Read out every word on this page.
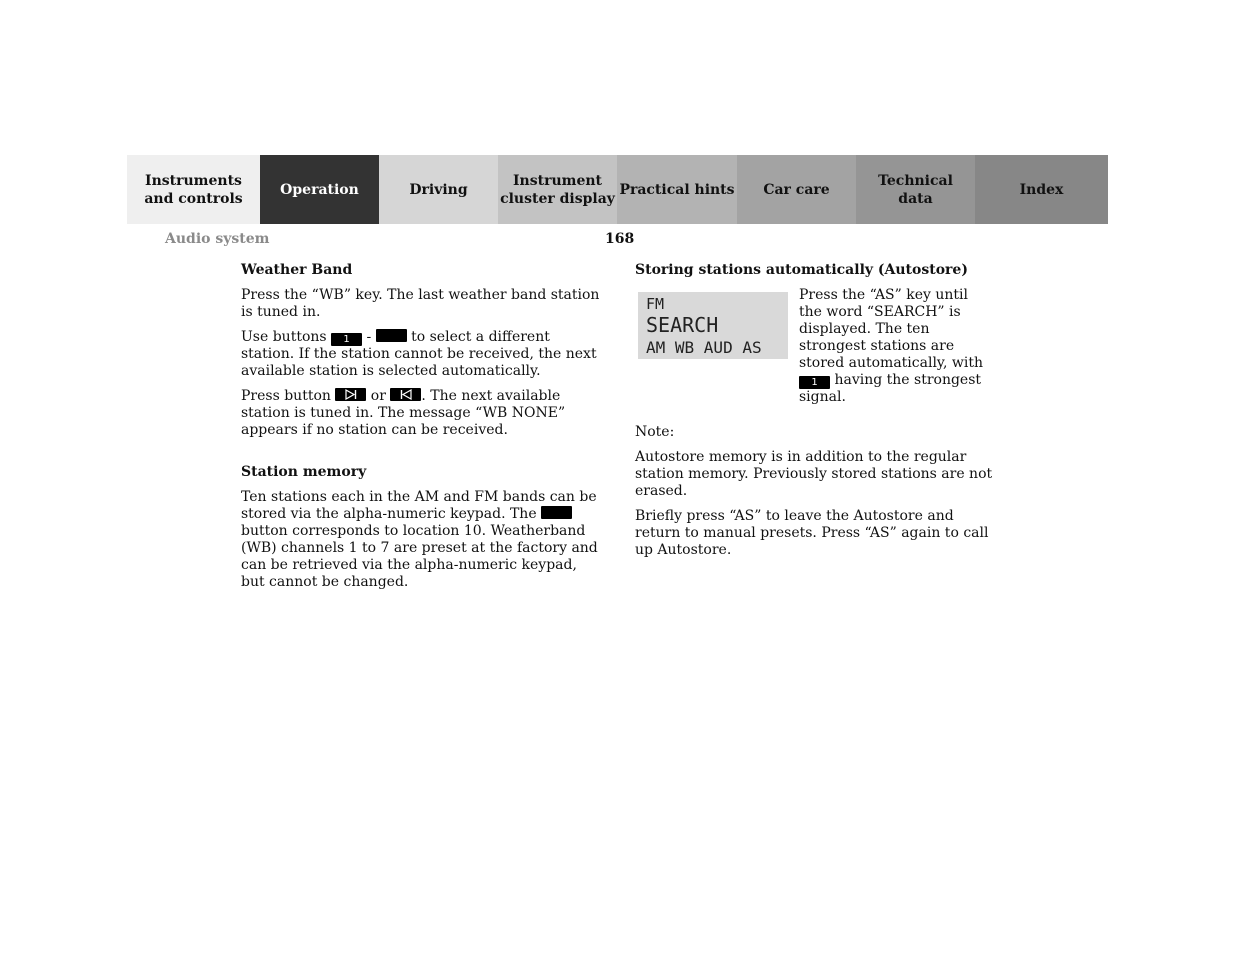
Instruments
and controls
Operation	Driving
Instrument
cluster display
Practical hints Car care
Technical
data
Index
Audio system	168
Weather Band

Press the “WB” key. The last weather band station is tuned in.

Use buttons 1 -  to select a different station. If the station cannot be received, the next available station is selected automatically.

Press button
or
. The next available station is tuned in. The message “WB NONE” appears if no station can be received.

Station memory

Ten stations each in the AM and FM bands can be stored via the alpha-numeric keypad. The  button corresponds to location 10. Weatherband (WB) channels 1 to 7 are preset at the factory and can be retrieved via the alpha-numeric keypad, but cannot be changed.

Storing stations automatically (Autostore)
FM
SEARCH
AM WB AUD AS
Press the “AS” key until the word “SEARCH” is displayed. The ten strongest stations are stored automatically, with
1 having the strongest signal.

Note:

Autostore memory is in addition to the regular station memory. Previously stored stations are not erased.

Briefly press “AS” to leave the Autostore and return to manual presets. Press “AS” again to call up Autostore.
